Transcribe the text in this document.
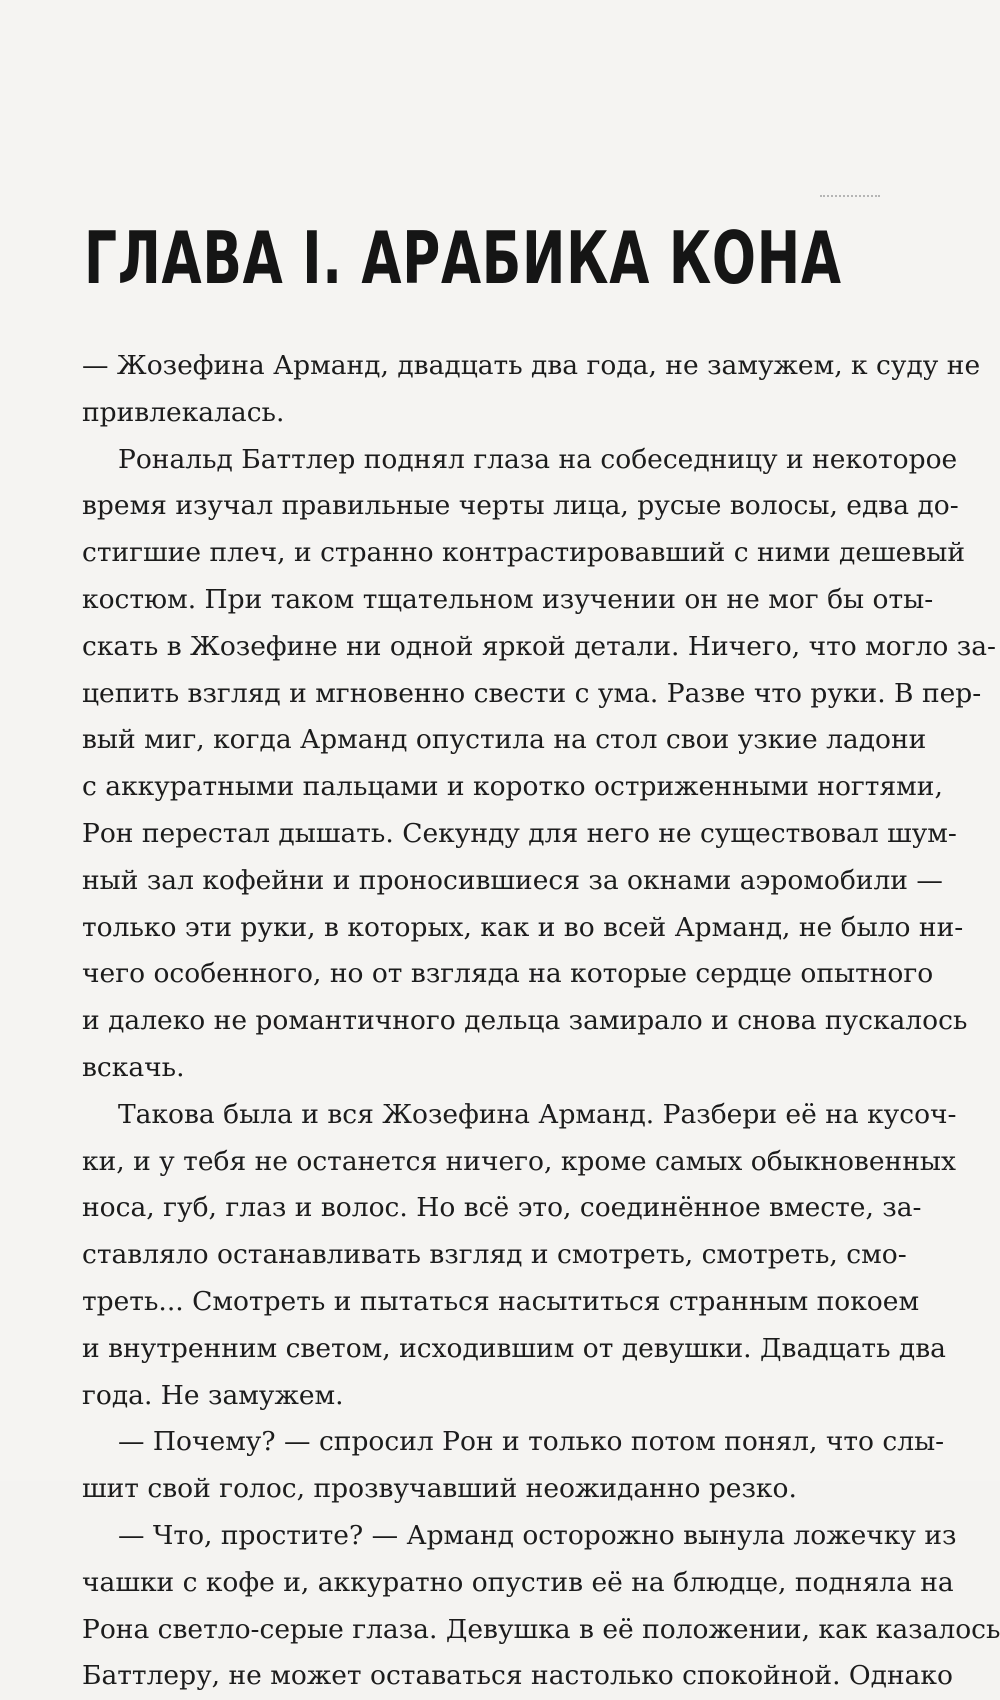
ГЛАВА I. АРАБИКА КОНА
— Жозефина Арманд, двадцать два года, не замужем, к суду не
привлекалась.
Рональд Баттлер поднял глаза на собеседницу и некоторое
время изучал правильные черты лица, русые волосы, едва до-
стигшие плеч, и странно контрастировавший с ними дешевый
костюм. При таком тщательном изучении он не мог бы оты-
скать в Жозефине ни одной яркой детали. Ничего, что могло за-
цепить взгляд и мгновенно свести с ума. Разве что руки. В пер-
вый миг, когда Арманд опустила на стол свои узкие ладони
с аккуратными пальцами и коротко остриженными ногтями,
Рон перестал дышать. Секунду для него не существовал шум-
ный зал кофейни и проносившиеся за окнами аэромобили —
только эти руки, в которых, как и во всей Арманд, не было ни-
чего особенного, но от взгляда на которые сердце опытного
и далеко не романтичного дельца замирало и снова пускалось
вскачь.
Такова была и вся Жозефина Арманд. Разбери её на кусоч-
ки, и у тебя не останется ничего, кроме самых обыкновенных
носа, губ, глаз и волос. Но всё это, соединённое вместе, за-
ставляло останавливать взгляд и смотреть, смотреть, смо-
треть... Смотреть и пытаться насытиться странным покоем
и внутренним светом, исходившим от девушки. Двадцать два
года. Не замужем.
— Почему? — спросил Рон и только потом понял, что слы-
шит свой голос, прозвучавший неожиданно резко.
— Что, простите? — Арманд осторожно вынула ложечку из
чашки с кофе и, аккуратно опустив её на блюдце, подняла на
Рона светло-серые глаза. Девушка в её положении, как казалось
Баттлеру, не может оставаться настолько спокойной. Однако
